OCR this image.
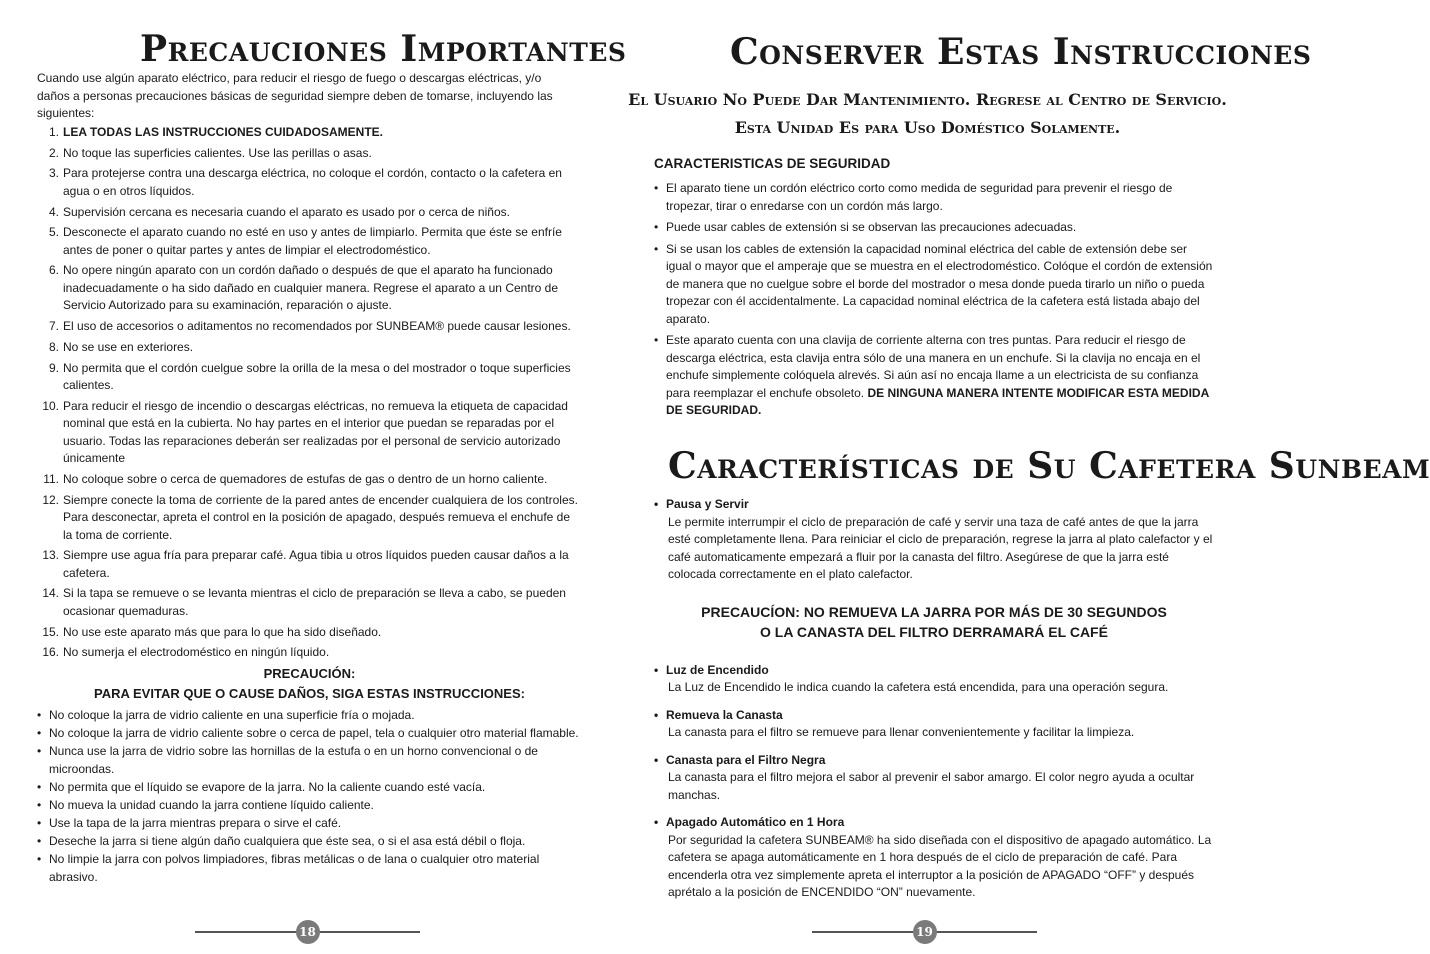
Precauciones Importantes
Cuando use algún aparato eléctrico, para reducir el riesgo de fuego o descargas eléctricas, y/o daños a personas precauciones básicas de seguridad siempre deben de tomarse, incluyendo las siguientes:
1. LEA TODAS LAS INSTRUCCIONES CUIDADOSAMENTE.
2. No toque las superficies calientes. Use las perillas o asas.
3. Para protejerse contra una descarga eléctrica, no coloque el cordón, contacto o la cafetera en agua o en otros líquidos.
4. Supervisión cercana es necesaria cuando el aparato es usado por o cerca de niños.
5. Desconecte el aparato cuando no esté en uso y antes de limpiarlo. Permita que éste se enfríe antes de poner o quitar partes y antes de limpiar el electrodoméstico.
6. No opere ningún aparato con un cordón dañado o después de que el aparato ha funcionado inadecuadamente o ha sido dañado en cualquier manera. Regrese el aparato a un Centro de Servicio Autorizado para su examinación, reparación o ajuste.
7. El uso de accesorios o aditamentos no recomendados por SUNBEAM® puede causar lesiones.
8. No se use en exteriores.
9. No permita que el cordón cuelgue sobre la orilla de la mesa o del mostrador o toque superficies calientes.
10. Para reducir el riesgo de incendio o descargas eléctricas, no remueva la etiqueta de capacidad nominal que está en la cubierta. No hay partes en el interior que puedan se reparadas por el usuario. Todas las reparaciones deberán ser realizadas por el personal de servicio autorizado únicamente
11. No coloque sobre o cerca de quemadores de estufas de gas o dentro de un horno caliente.
12. Siempre conecte la toma de corriente de la pared antes de encender cualquiera de los controles. Para desconectar, apreta el control en la posición de apagado, después remueva el enchufe de la toma de corriente.
13. Siempre use agua fría para preparar café. Agua tibia u otros líquidos pueden causar daños a la cafetera.
14. Si la tapa se remueve o se levanta mientras el ciclo de preparación se lleva a cabo, se pueden ocasionar quemaduras.
15. No use este aparato más que para lo que ha sido diseñado.
16. No sumerja el electrodoméstico en ningún líquido.
PRECAUCIÓN:
PARA EVITAR QUE O CAUSE DAÑOS, SIGA ESTAS INSTRUCCIONES:
• No coloque la jarra de vidrio caliente en una superficie fría o mojada.
• No coloque la jarra de vidrio caliente sobre o cerca de papel, tela o cualquier otro material flamable.
• Nunca use la jarra de vidrio sobre las hornillas de la estufa o en un horno convencional o de microondas.
• No permita que el líquido se evapore de la jarra. No la caliente cuando esté vacía.
• No mueva la unidad cuando la jarra contiene líquido caliente.
• Use la tapa de la jarra mientras prepara o sirve el café.
• Deseche la jarra si tiene algún daño cualquiera que éste sea, o si el asa está débil o floja.
• No limpie la jarra con polvos limpiadores, fibras metálicas o de lana o cualquier otro material abrasivo.
18
Conserver Estas Instrucciones
El Usuario No Puede Dar Mantenimiento. Regrese al Centro de Servicio.
Esta Unidad Es para Uso Doméstico Solamente.
CARACTERISTICAS DE SEGURIDAD
• El aparato tiene un cordón eléctrico corto como medida de seguridad para prevenir el riesgo de tropezar, tirar o enredarse con un cordón más largo.
• Puede usar cables de extensión si se observan las precauciones adecuadas.
• Si se usan los cables de extensión la capacidad nominal eléctrica del cable de extensión debe ser igual o mayor que el amperaje que se muestra en el electrodoméstico. Colóque el cordón de extensión de manera que no cuelgue sobre el borde del mostrador o mesa donde pueda tirarlo un niño o pueda tropezar con él accidentalmente. La capacidad nominal eléctrica de la cafetera está listada abajo del aparato.
• Este aparato cuenta con una clavija de corriente alterna con tres puntas. Para reducir el riesgo de descarga eléctrica, esta clavija entra sólo de una manera en un enchufe. Si la clavija no encaja en el enchufe simplemente colóquela alrevés. Si aún así no encaja llame a un electricista de su confianza para reemplazar el enchufe obsoleto. DE NINGUNA MANERA INTENTE MODIFICAR ESTA MEDIDA DE SEGURIDAD.
Características de Su Cafetera Sunbeam
• Pausa y Servir
Le permite interrumpir el ciclo de preparación de café y servir una taza de café antes de que la jarra esté completamente llena. Para reiniciar el ciclo de preparación, regrese la jarra al plato calefactor y el café automaticamente empezará a fluir por la canasta del filtro. Asegúrese de que la jarra esté colocada correctamente en el plato calefactor.
PRECAUCÍON: NO REMUEVA LA JARRA POR MÁS DE 30 SEGUNDOS
O LA CANASTA DEL FILTRO DERRAMARÁ EL CAFÉ
• Luz de Encendido
La Luz de Encendido le indica cuando la cafetera está encendida, para una operación segura.
• Remueva la Canasta
La canasta para el filtro se remueve para llenar convenientemente y facilitar la limpieza.
• Canasta para el Filtro Negra
La canasta para el filtro mejora el sabor al prevenir el sabor amargo. El color negro ayuda a ocultar manchas.
• Apagado Automático en 1 Hora
Por seguridad la cafetera SUNBEAM® ha sido diseñada con el dispositivo de apagado automático. La cafetera se apaga automáticamente en 1 hora después de el ciclo de preparación de café. Para encenderla otra vez simplemente apreta el interruptor a la posición de APAGADO “OFF” y después aprétalo a la posición de ENCENDIDO “ON” nuevamente.
19
